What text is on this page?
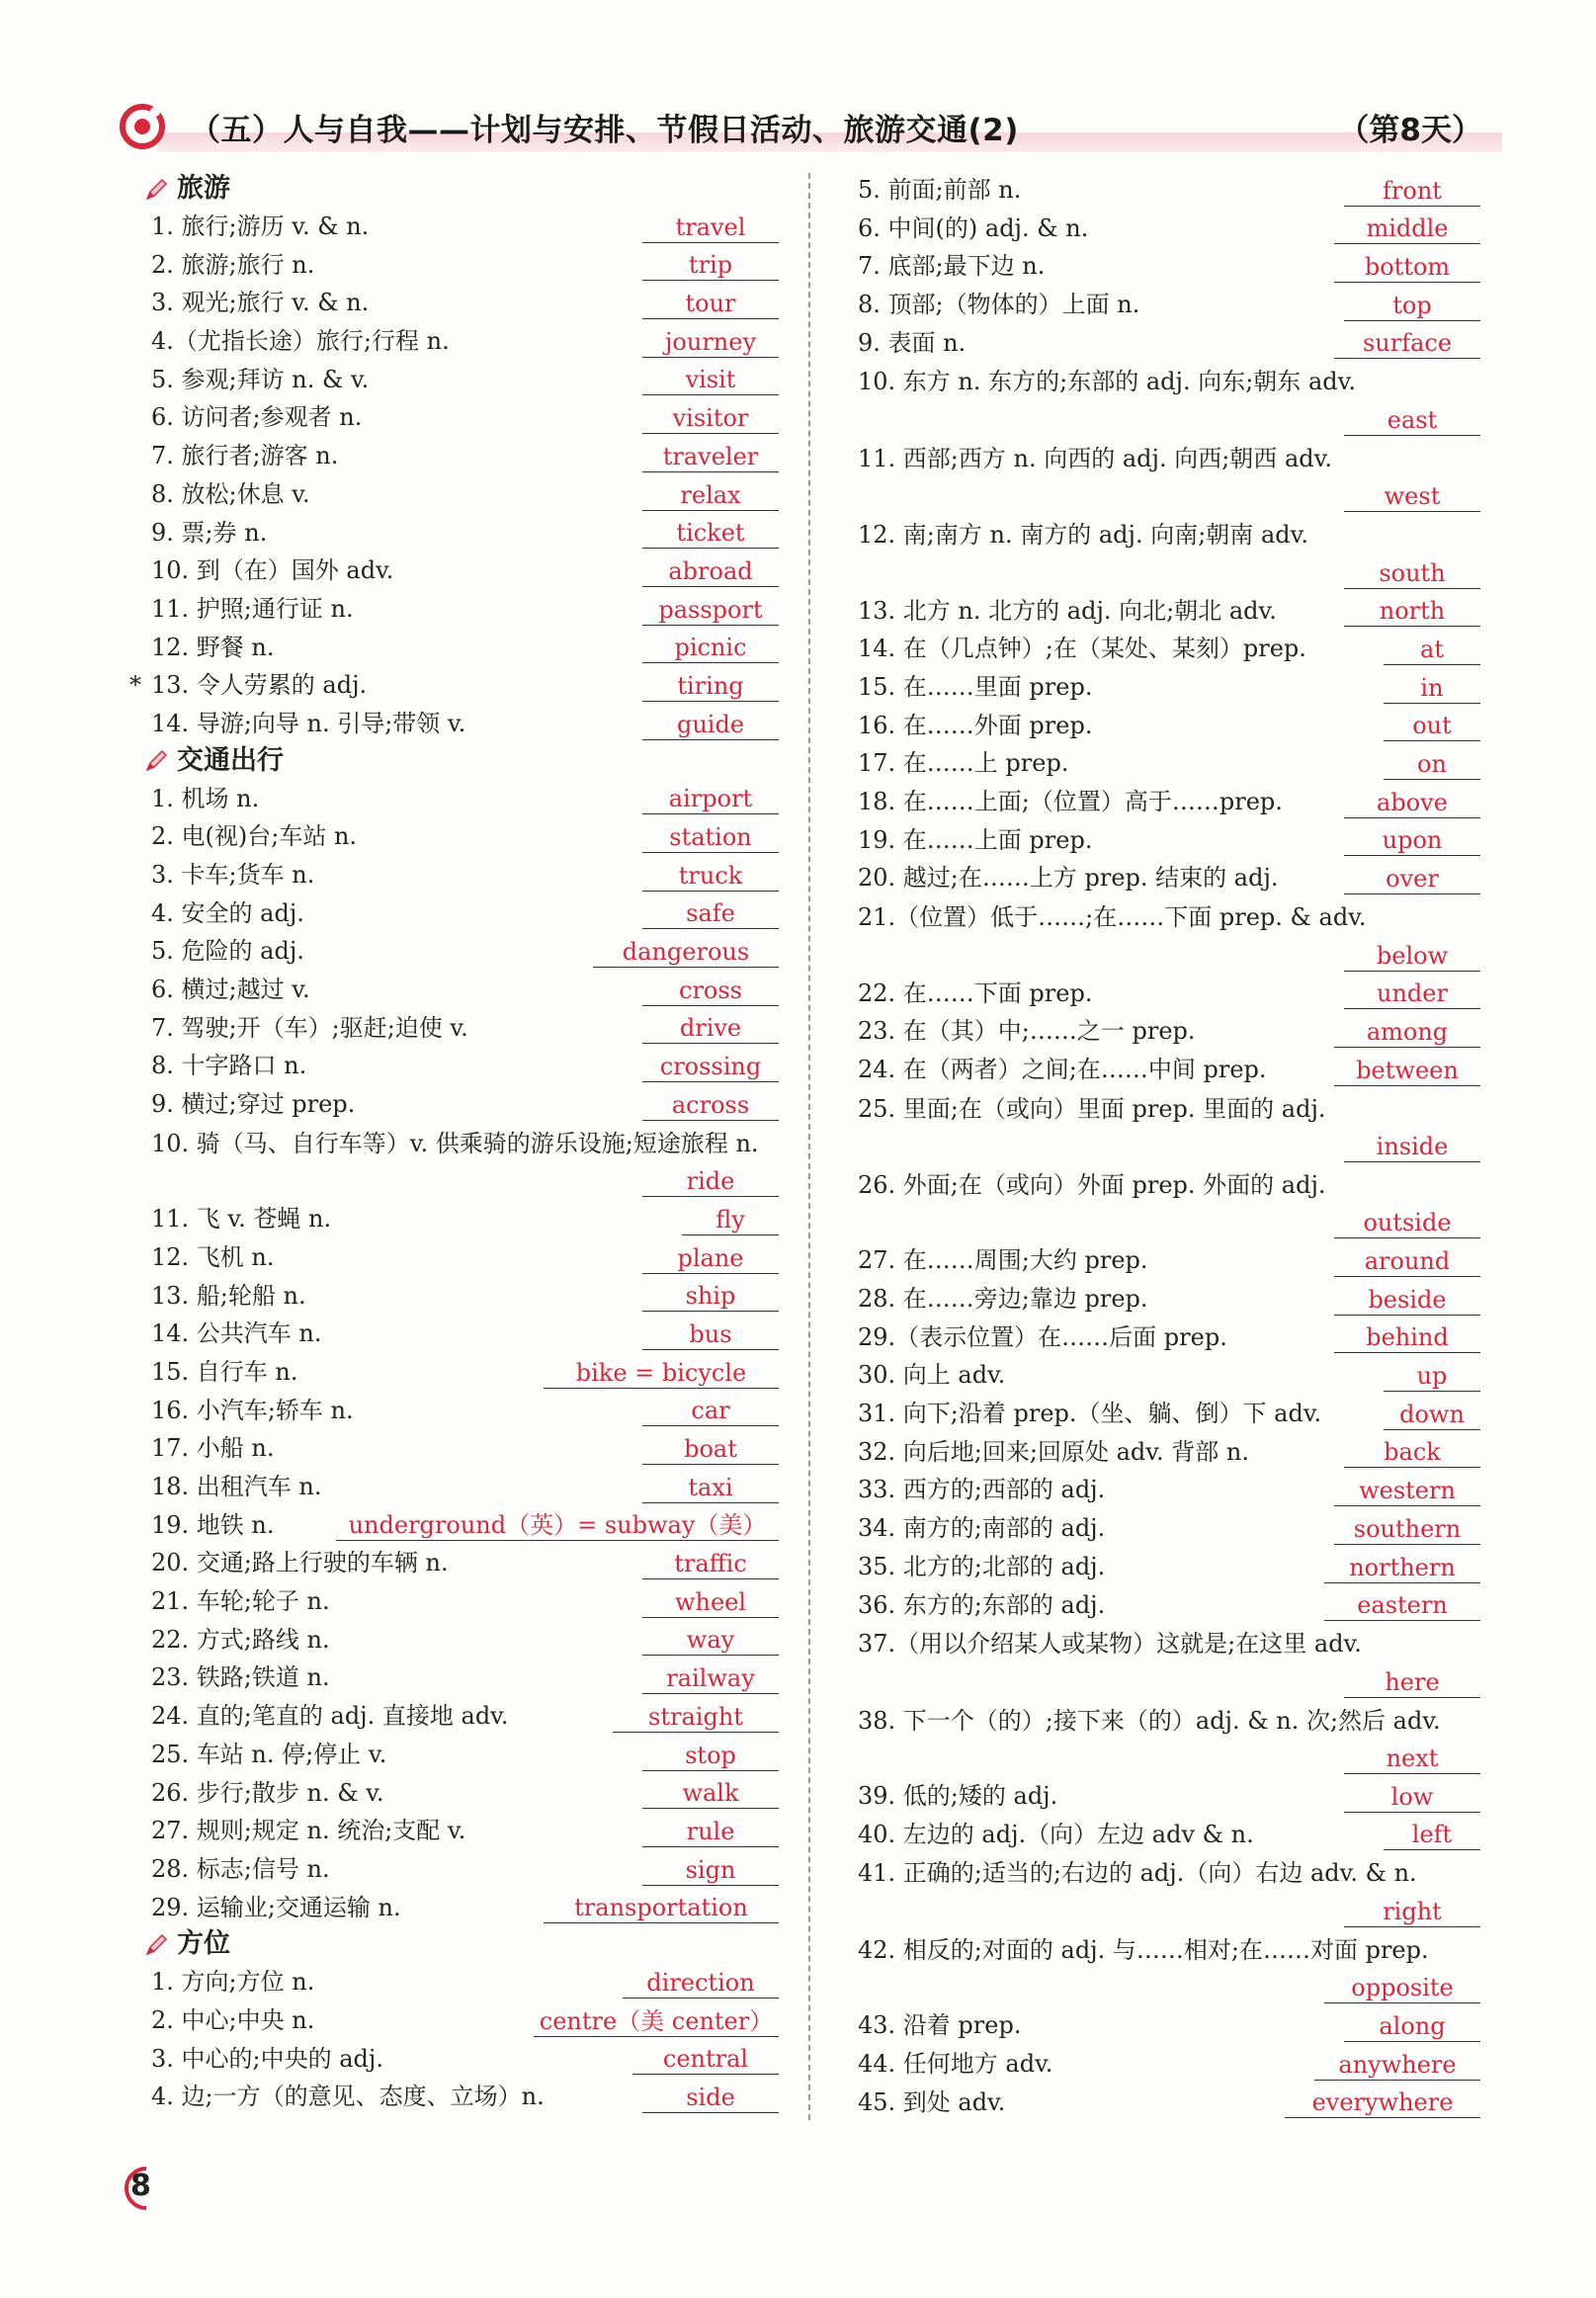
（五）人与自我——计划与安排、节假日活动、旅游交通(2)	（第8天）
旅游
1. 旅行;游历 v. & n.	travel
2. 旅游;旅行 n.	trip
3. 观光;旅行 v. & n.	tour
4.（尤指长途）旅行;行程 n.	journey
5. 参观;拜访 n. & v.	visit
6. 访问者;参观者 n.	visitor
7. 旅行者;游客 n.	traveler
8. 放松;休息 v.	relax
9. 票;券 n.	ticket
10. 到（在）国外 adv.	abroad
11. 护照;通行证 n.	passport
12. 野餐 n.	picnic
* 13. 令人劳累的 adj.	tiring
14. 导游;向导 n. 引导;带领 v.	guide
交通出行
1. 机场 n.	airport
2. 电(视)台;车站 n.	station
3. 卡车;货车 n.	truck
4. 安全的 adj.	safe
5. 危险的 adj.	dangerous
6. 横过;越过 v.	cross
7. 驾驶;开（车）;驱赶;迫使 v.	drive
8. 十字路口 n.	crossing
9. 横过;穿过 prep.	across
10. 骑（马、自行车等）v. 供乘骑的游乐设施;短途旅程 n.
ride
11. 飞 v. 苍蝇 n.	fly
12. 飞机 n.	plane
13. 船;轮船 n.	ship
14. 公共汽车 n.	bus
15. 自行车 n.	bike = bicycle
16. 小汽车;轿车 n.	car
17. 小船 n.	boat
18. 出租汽车 n.	taxi
19. 地铁 n.	underground（英）= subway（美）
20. 交通;路上行驶的车辆 n.	traffic
21. 车轮;轮子 n.	wheel
22. 方式;路线 n.	way
23. 铁路;铁道 n.	railway
24. 直的;笔直的 adj. 直接地 adv.	straight
25. 车站 n. 停;停止 v.	stop
26. 步行;散步 n. & v.	walk
27. 规则;规定 n. 统治;支配 v.	rule
28. 标志;信号 n.	sign
29. 运输业;交通运输 n.	transportation
方位
1. 方向;方位 n.	direction
2. 中心;中央 n.	centre（美 center）
3. 中心的;中央的 adj.	central
4. 边;一方（的意见、态度、立场）n.	side
5. 前面;前部 n.	front
6. 中间(的) adj. & n.	middle
7. 底部;最下边 n.	bottom
8. 顶部;（物体的）上面 n.	top
9. 表面 n.	surface
10. 东方 n. 东方的;东部的 adj. 向东;朝东 adv.
east
11. 西部;西方 n. 向西的 adj. 向西;朝西 adv.
west
12. 南;南方 n. 南方的 adj. 向南;朝南 adv.
south
13. 北方 n. 北方的 adj. 向北;朝北 adv.	north
14. 在（几点钟）;在（某处、某刻）prep.	at
15. 在……里面 prep.	in
16. 在……外面 prep.	out
17. 在……上 prep.	on
18. 在……上面;（位置）高于……prep.	above
19. 在……上面 prep.	upon
20. 越过;在……上方 prep. 结束的 adj.	over
21.（位置）低于……;在……下面 prep. & adv.
below
22. 在……下面 prep.	under
23. 在（其）中;……之一 prep.	among
24. 在（两者）之间;在……中间 prep.	between
25. 里面;在（或向）里面 prep. 里面的 adj.
inside
26. 外面;在（或向）外面 prep. 外面的 adj.
outside
27. 在……周围;大约 prep.	around
28. 在……旁边;靠边 prep.	beside
29.（表示位置）在……后面 prep.	behind
30. 向上 adv.	up
31. 向下;沿着 prep.（坐、躺、倒）下 adv.	down
32. 向后地;回来;回原处 adv. 背部 n.	back
33. 西方的;西部的 adj.	western
34. 南方的;南部的 adj.	southern
35. 北方的;北部的 adj.	northern
36. 东方的;东部的 adj.	eastern
37.（用以介绍某人或某物）这就是;在这里 adv.
here
38. 下一个（的）;接下来（的）adj. & n. 次;然后 adv.
next
39. 低的;矮的 adj.	low
40. 左边的 adj.（向）左边 adv & n.	left
41. 正确的;适当的;右边的 adj.（向）右边 adv. & n.
right
42. 相反的;对面的 adj. 与……相对;在……对面 prep.
opposite
43. 沿着 prep.	along
44. 任何地方 adv.	anywhere
45. 到处 adv.	everywhere
8
